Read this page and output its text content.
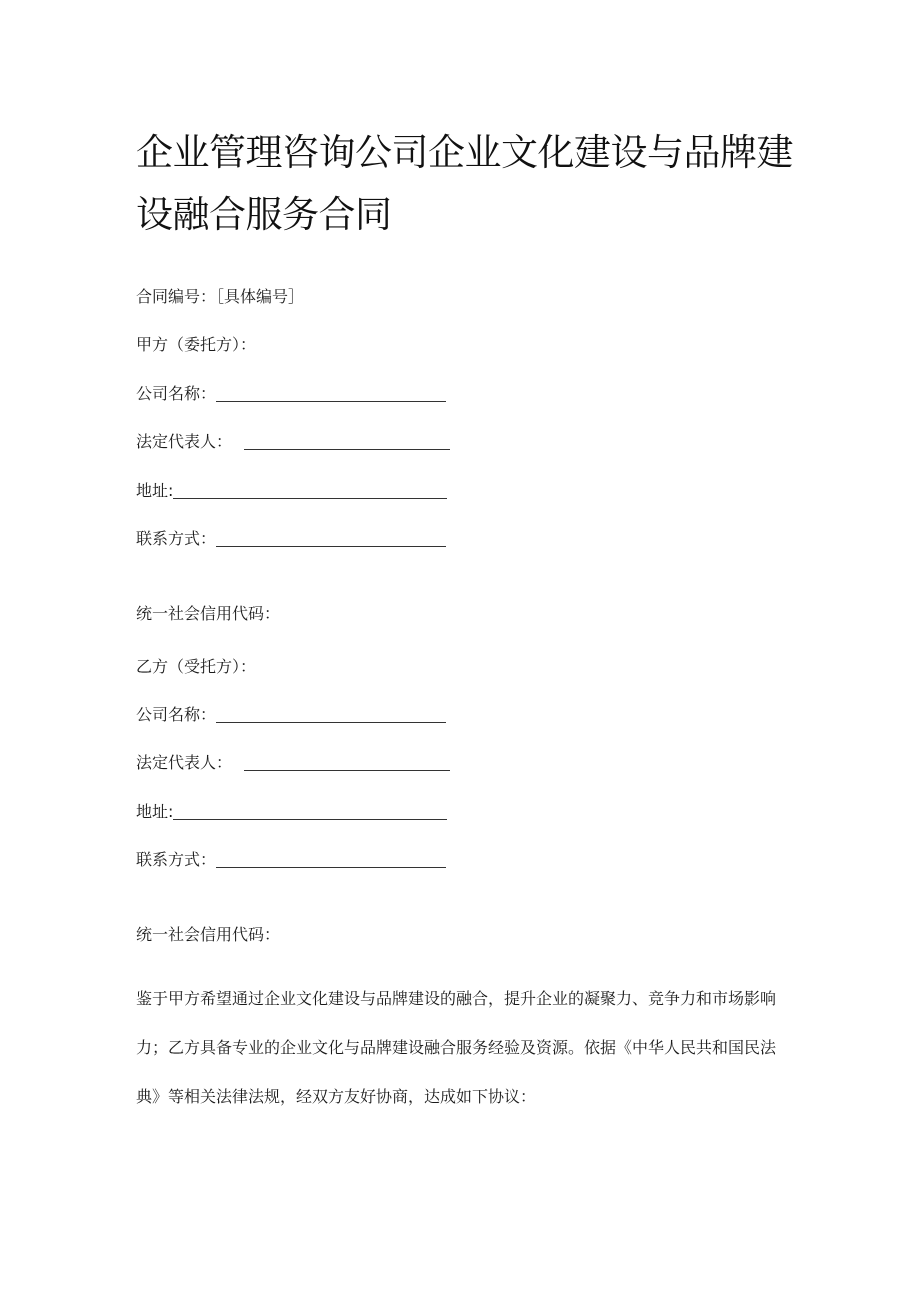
企业管理咨询公司企业文化建设与品牌建设融合服务合同
合同编号：［具体编号］
甲方（委托方）：
公司名称：
法定代表人：
地址:
联系方式：
统一社会信用代码：
乙方（受托方）：
公司名称：
法定代表人：
地址:
联系方式：
统一社会信用代码：

鉴于甲方希望通过企业文化建设与品牌建设的融合，提升企业的凝聚力、竞争力和市场影响力；乙方具备专业的企业文化与品牌建设融合服务经验及资源。依据《中华人民共和国民法典》等相关法律法规，经双方友好协商，达成如下协议：
